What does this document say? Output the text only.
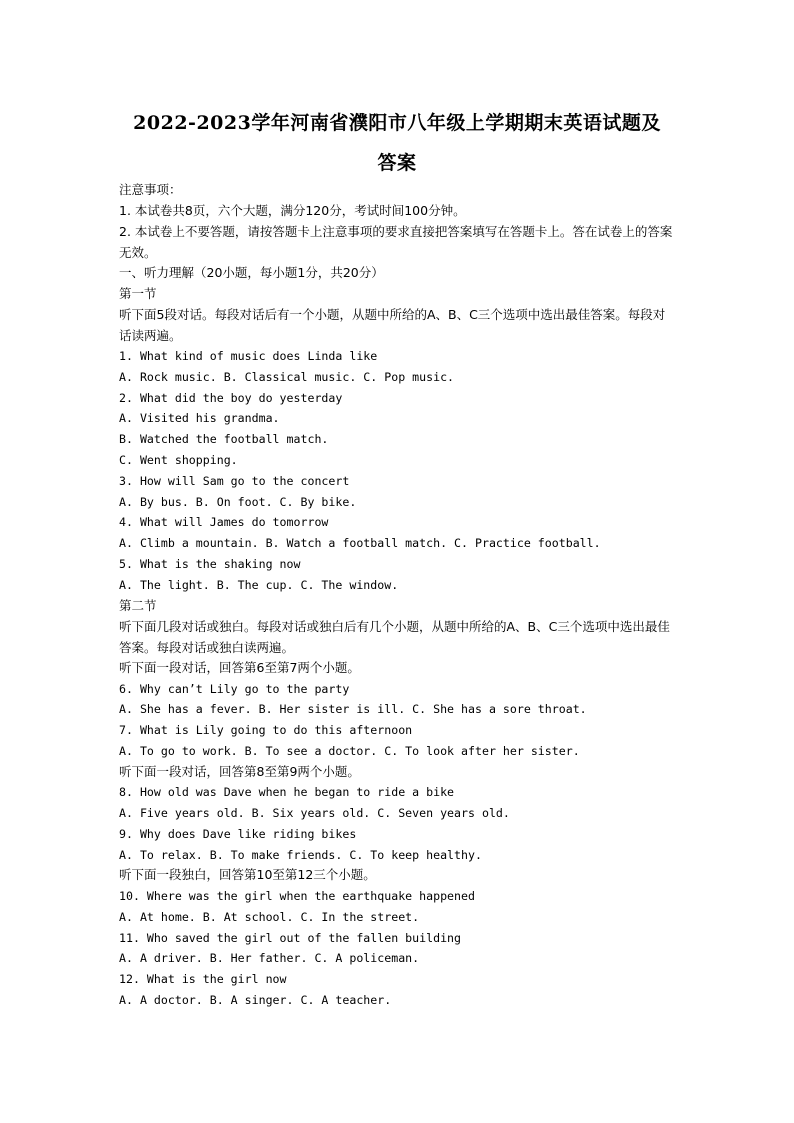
2022-2023学年河南省濮阳市八年级上学期期末英语试题及
答案
注意事项：
1. 本试卷共8页，六个大题，满分120分，考试时间100分钟。
2. 本试卷上不要答题，请按答题卡上注意事项的要求直接把答案填写在答题卡上。答在试卷上的答案无效。
一、听力理解（20小题，每小题1分，共20分）
第一节
听下面5段对话。每段对话后有一个小题，从题中所给的A、B、C三个选项中选出最佳答案。每段对话读两遍。
1. What kind of music does Linda like
A. Rock music. B. Classical music. C. Pop music.
2. What did the boy do yesterday
A. Visited his grandma.
B. Watched the football match.
C. Went shopping.
3. How will Sam go to the concert
A. By bus. B. On foot. C. By bike.
4. What will James do tomorrow
A. Climb a mountain. B. Watch a football match. C. Practice football.
5. What is the shaking now
A. The light. B. The cup. C. The window.
第二节
听下面几段对话或独白。每段对话或独白后有几个小题，从题中所给的A、B、C三个选项中选出最佳答案。每段对话或独白读两遍。
听下面一段对话，回答第6至第7两个小题。
6. Why can’t Lily go to the party
A. She has a fever. B. Her sister is ill. C. She has a sore throat.
7. What is Lily going to do this afternoon
A. To go to work. B. To see a doctor. C. To look after her sister.
听下面一段对话，回答第8至第9两个小题。
8. How old was Dave when he began to ride a bike
A. Five years old. B. Six years old. C. Seven years old.
9. Why does Dave like riding bikes
A. To relax. B. To make friends. C. To keep healthy.
听下面一段独白，回答第10至第12三个小题。
10. Where was the girl when the earthquake happened
A. At home. B. At school. C. In the street.
11. Who saved the girl out of the fallen building
A. A driver. B. Her father. C. A policeman.
12. What is the girl now
A. A doctor. B. A singer. C. A teacher.
